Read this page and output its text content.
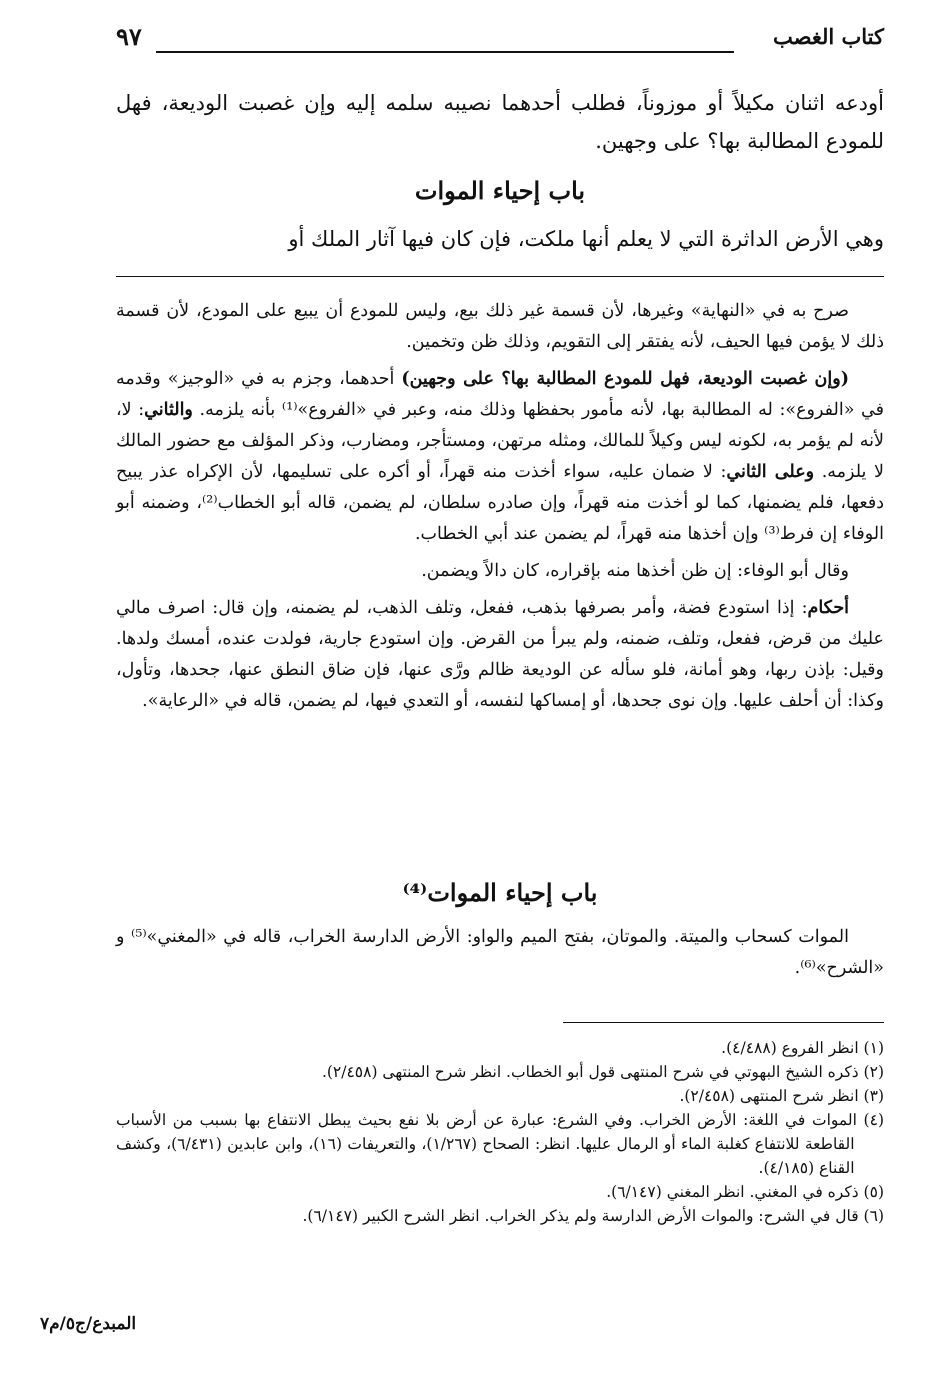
كتاب الغصب
٩٧
أودعه اثنان مكيلاً أو موزوناً، فطلب أحدهما نصيبه سلمه إليه وإن غصبت الوديعة، فهل للمودع المطالبة بها؟ على وجهين.
باب إحياء الموات
وهي الأرض الداثرة التي لا يعلم أنها ملكت، فإن كان فيها آثار الملك أو

صرح به في «النهاية» وغيرها، لأن قسمة غير ذلك بيع، وليس للمودع أن يبيع على المودع، لأن قسمة ذلك لا يؤمن فيها الحيف، لأنه يفتقر إلى التقويم، وذلك ظن وتخمين.

(وإن غصبت الوديعة، فهل للمودع المطالبة بها؟ على وجهين) أحدهما، وجزم به في «الوجيز» وقدمه في «الفروع»: له المطالبة بها، لأنه مأمور بحفظها وذلك منه، وعبر في «الفروع»⁽¹⁾ بأنه يلزمه. والثاني: لا، لأنه لم يؤمر به، لكونه ليس وكيلاً للمالك، ومثله مرتهن، ومستأجر، ومضارب، وذكر المؤلف مع حضور المالك لا يلزمه. وعلى الثاني: لا ضمان عليه، سواء أخذت منه قهراً، أو أكره على تسليمها، لأن الإكراه عذر يبيح دفعها، فلم يضمنها، كما لو أخذت منه قهراً، وإن صادره سلطان، لم يضمن، قاله أبو الخطاب⁽²⁾، وضمنه أبو الوفاء إن فرط⁽³⁾ وإن أخذها منه قهراً، لم يضمن عند أبي الخطاب.

وقال أبو الوفاء: إن ظن أخذها منه بإقراره، كان دالاً ويضمن.

أحكام: إذا استودع فضة، وأمر بصرفها بذهب، ففعل، وتلف الذهب، لم يضمنه، وإن قال: اصرف مالي عليك من قرض، ففعل، وتلف، ضمنه، ولم يبرأ من القرض. وإن استودع جارية، فولدت عنده، أمسك ولدها. وقيل: بإذن ربها، وهو أمانة، فلو سأله عن الوديعة ظالم ورَّى عنها، فإن ضاق النطق عنها، جحدها، وتأول، وكذا: أن أحلف عليها. وإن نوى جحدها، أو إمساكها لنفسه، أو التعدي فيها، لم يضمن، قاله في «الرعاية».

باب إحياء الموات⁽⁴⁾

الموات كسحاب والميتة. والموتان، بفتح الميم والواو: الأرض الدارسة الخراب، قاله في «المغني»⁽⁵⁾ و «الشرح»⁽⁶⁾.

(١) انظر الفروع (٤/٤٨٨).

(٢) ذكره الشيخ البهوتي في شرح المنتهى قول أبو الخطاب. انظر شرح المنتهى (٢/٤٥٨).

(٣) انظر شرح المنتهى (٢/٤٥٨).

(٤) الموات في اللغة: الأرض الخراب. وفي الشرع: عبارة عن أرض بلا نفع بحيث يبطل الانتفاع بها بسبب من الأسباب القاطعة للانتفاع كغلبة الماء أو الرمال عليها. انظر: الصحاح (١/٢٦٧)، والتعريفات (١٦)، وابن عابدين (٦/٤٣١)، وكشف القناع (٤/١٨٥).

(٥) ذكره في المغني. انظر المغني (٦/١٤٧).

(٦) قال في الشرح: والموات الأرض الدارسة ولم يذكر الخراب. انظر الشرح الكبير (٦/١٤٧).

المبدع/ج٥/م٧
